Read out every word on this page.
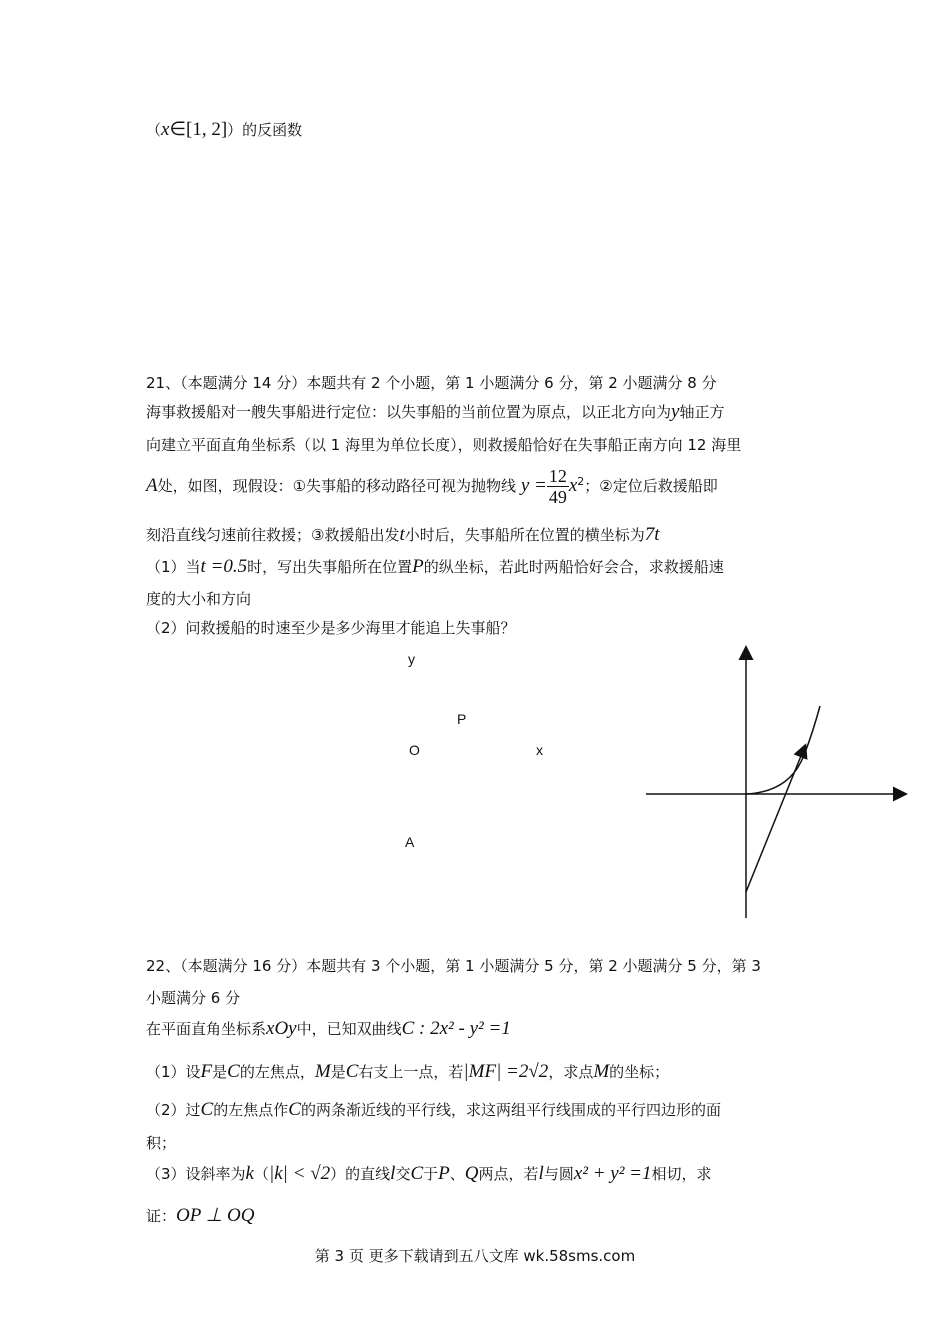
（x∈[1, 2]）的反函数
21、（本题满分 14 分）本题共有 2 个小题，第 1 小题满分 6 分，第 2 小题满分 8 分
海事救援船对一艘失事船进行定位：以失事船的当前位置为原点，以正北方向为y轴正方
向建立平面直角坐标系（以 1 海里为单位长度），则救援船恰好在失事船正南方向 12 海里
A处，如图，现假设：①失事船的移动路径可视为抛物线 $y = \frac{12}{49} x^2$；②定位后救援船即
刻沿直线匀速前往救援；③救援船出发t小时后，失事船所在位置的横坐标为7t
（1）当t =0.5时，写出失事船所在位置P的纵坐标，若此时两船恰好会合，求救援船速
度的大小和方向
（2）问救援船的时速至少是多少海里才能追上失事船？
y
P
O	x
A
22、（本题满分 16 分）本题共有 3 个小题，第 1 小题满分 5 分，第 2 小题满分 5 分，第 3
小题满分 6 分
在平面直角坐标系xOy中，已知双曲线C : 2x² - y² =1
（1）设F是C的左焦点，M是C右支上一点，若|MF| =2√2，求点M的坐标；
（2）过C的左焦点作C的两条渐近线的平行线，求这两组平行线围成的平行四边形的面
积；
（3）设斜率为k（|k| < √2）的直线l交C于P、Q两点，若l与圆x² + y² =1相切，求
证：OP ⊥ OQ
第 3 页 更多下载请到五八文库 wk.58sms.com
